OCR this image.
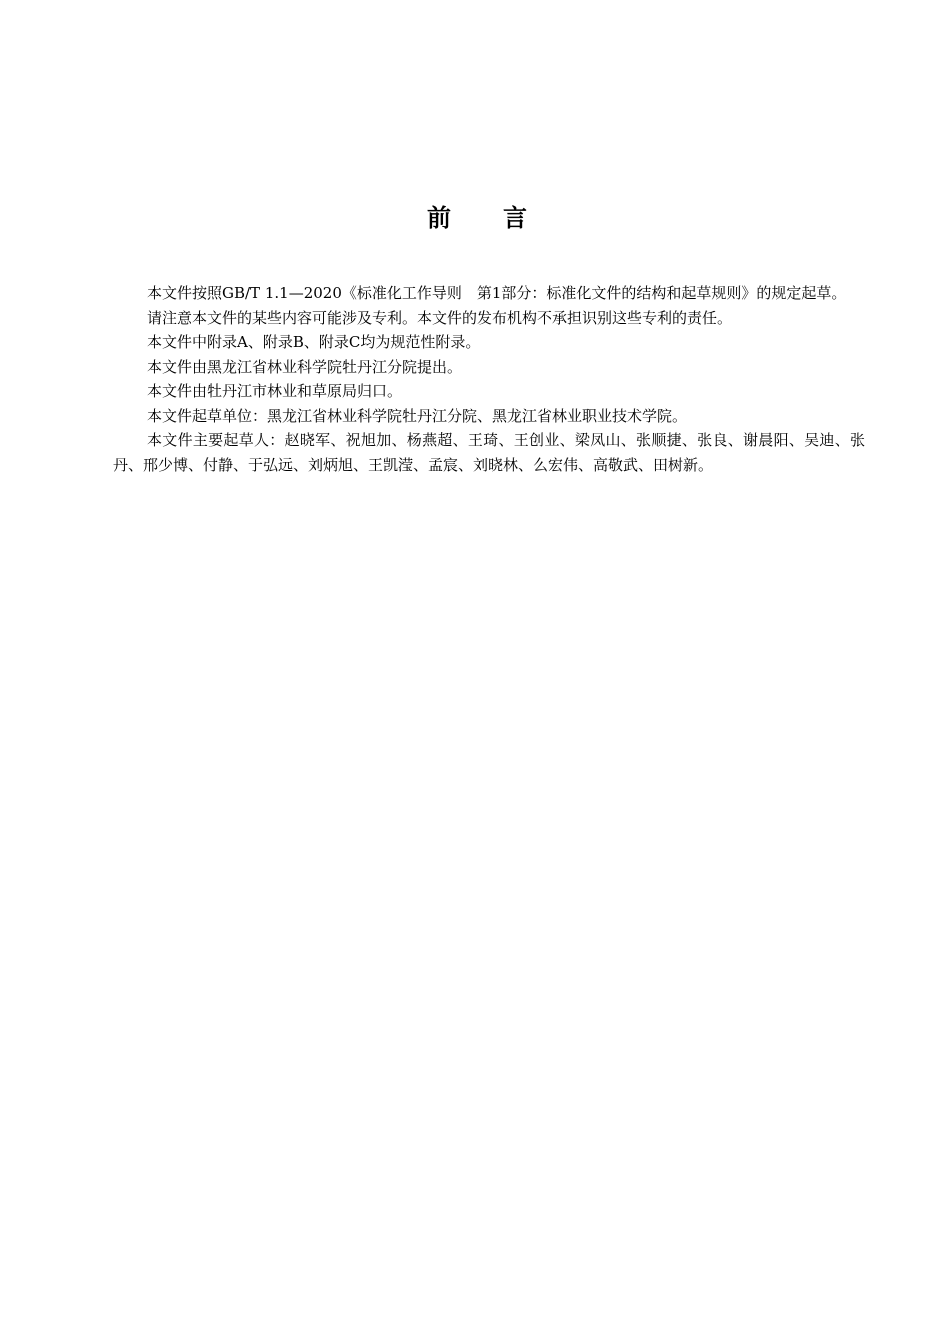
前言

本文件按照GB/T 1.1—2020《标准化工作导则　第1部分：标准化文件的结构和起草规则》的规定起草。

请注意本文件的某些内容可能涉及专利。本文件的发布机构不承担识别这些专利的责任。

本文件中附录A、附录B、附录C均为规范性附录。

本文件由黑龙江省林业科学院牡丹江分院提出。

本文件由牡丹江市林业和草原局归口。

本文件起草单位：黑龙江省林业科学院牡丹江分院、黑龙江省林业职业技术学院。

本文件主要起草人：赵晓军、祝旭加、杨燕超、王琦、王创业、梁凤山、张顺捷、张良、谢晨阳、吴迪、张丹、邢少博、付静、于弘远、刘炳旭、王凯滢、孟宸、刘晓林、么宏伟、高敬武、田树新。
